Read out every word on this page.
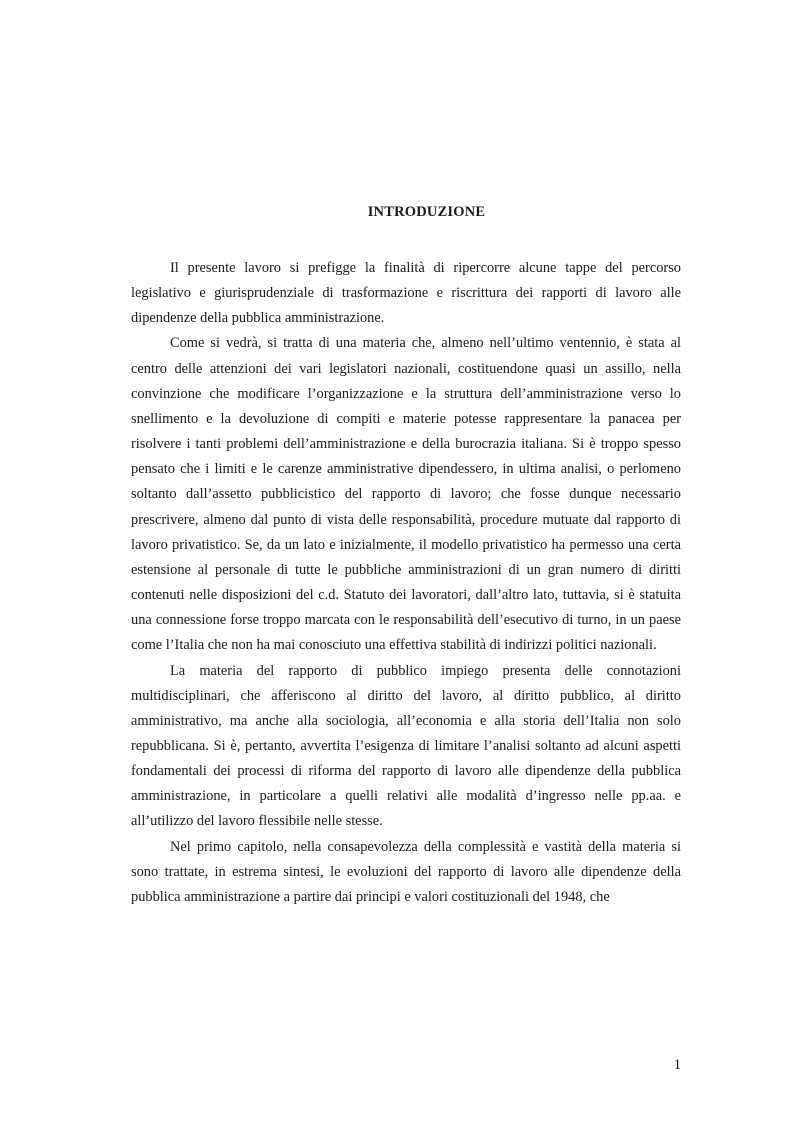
INTRODUZIONE

Il presente lavoro si prefigge la finalità di ripercorre alcune tappe del percorso legislativo e giurisprudenziale di trasformazione e riscrittura dei rapporti di lavoro alle dipendenze della pubblica amministrazione.

Come si vedrà, si tratta di una materia che, almeno nell’ultimo ventennio, è stata al centro delle attenzioni dei vari legislatori nazionali, costituendone quasi un assillo, nella convinzione che modificare l’organizzazione e la struttura dell’amministrazione verso lo snellimento e la devoluzione di compiti e materie potesse rappresentare la panacea per risolvere i tanti problemi dell’amministrazione e della burocrazia italiana. Si è troppo spesso pensato che i limiti e le carenze amministrative dipendessero, in ultima analisi, o perlomeno soltanto dall’assetto pubblicistico del rapporto di lavoro; che fosse dunque necessario prescrivere, almeno dal punto di vista delle responsabilità, procedure mutuate dal rapporto di lavoro privatistico. Se, da un lato e inizialmente, il modello privatistico ha permesso una certa estensione al personale di tutte le pubbliche amministrazioni di un gran numero di diritti contenuti nelle disposizioni del c.d. Statuto dei lavoratori, dall’altro lato, tuttavia, si è statuita una connessione forse troppo marcata con le responsabilità dell’esecutivo di turno, in un paese come l’Italia che non ha mai conosciuto una effettiva stabilità di indirizzi politici nazionali.

La materia del rapporto di pubblico impiego presenta delle connotazioni multidisciplinari, che afferiscono al diritto del lavoro, al diritto pubblico, al diritto amministrativo, ma anche alla sociologia, all’economia e alla storia dell’Italia non solo repubblicana. Si è, pertanto, avvertita l’esigenza di limitare l’analisi soltanto ad alcuni aspetti fondamentali dei processi di riforma del rapporto di lavoro alle dipendenze della pubblica amministrazione, in particolare a quelli relativi alle modalità d’ingresso nelle pp.aa. e all’utilizzo del lavoro flessibile nelle stesse.

Nel primo capitolo, nella consapevolezza della complessità e vastità della materia si sono trattate, in estrema sintesi, le evoluzioni del rapporto di lavoro alle dipendenze della pubblica amministrazione a partire dai principi e valori costituzionali del 1948, che

1
